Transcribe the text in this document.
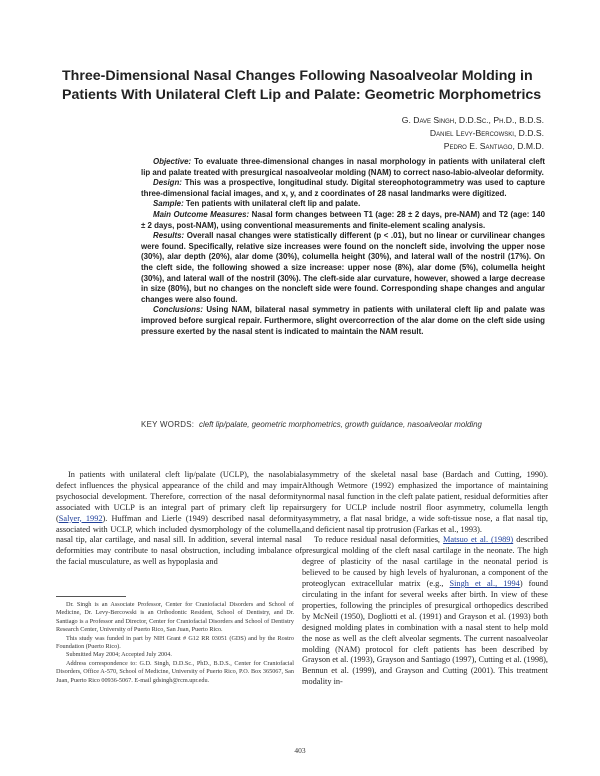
Three-Dimensional Nasal Changes Following Nasoalveolar Molding in Patients With Unilateral Cleft Lip and Palate: Geometric Morphometrics
G. Dave Singh, D.D.Sc., Ph.D., B.D.S.
Daniel Levy-Bercowski, D.D.S.
Pedro E. Santiago, D.M.D.

Objective: To evaluate three-dimensional changes in nasal morphology in patients with unilateral cleft lip and palate treated with presurgical nasoalveolar molding (NAM) to correct naso-labio-alveolar deformity.

Design: This was a prospective, longitudinal study. Digital stereophotogrammetry was used to capture three-dimensional facial images, and x, y, and z coordinates of 28 nasal landmarks were digitized.

Sample: Ten patients with unilateral cleft lip and palate.

Main Outcome Measures: Nasal form changes between T1 (age: 28 ± 2 days, pre-NAM) and T2 (age: 140 ± 2 days, post-NAM), using conventional measurements and finite-element scaling analysis.

Results: Overall nasal changes were statistically different (p < .01), but no linear or curvilinear changes were found. Specifically, relative size increases were found on the noncleft side, involving the upper nose (30%), alar depth (20%), alar dome (30%), columella height (30%), and lateral wall of the nostril (17%). On the cleft side, the following showed a size increase: upper nose (8%), alar dome (5%), columella height (30%), and lateral wall of the nostril (30%). The cleft-side alar curvature, however, showed a large decrease in size (80%), but no changes on the noncleft side were found. Corresponding shape changes and angular changes were also found.

Conclusions: Using NAM, bilateral nasal symmetry in patients with unilateral cleft lip and palate was improved before surgical repair. Furthermore, slight overcorrection of the alar dome on the cleft side using pressure exerted by the nasal stent is indicated to maintain the NAM result.

KEY WORDS: cleft lip/palate, geometric morphometrics, growth guidance, nasoalveolar molding

In patients with unilateral cleft lip/palate (UCLP), the nasolabial defect influences the physical appearance of the child and may impair psychosocial development. Therefore, correction of the nasal deformity associated with UCLP is an integral part of primary cleft lip repair (Salyer, 1992). Huffman and Lierle (1949) described nasal deformity associated with UCLP, which included dysmorphology of the columella, nasal tip, alar cartilage, and nasal sill. In addition, several internal nasal deformities may contribute to nasal obstruction, including imbalance of the facial musculature, as well as hypoplasia and

asymmetry of the skeletal nasal base (Bardach and Cutting, 1990). Although Wetmore (1992) emphasized the importance of maintaining normal nasal function in the cleft palate patient, residual deformities after surgery for UCLP include nostril floor asymmetry, columella length asymmetry, a flat nasal bridge, a wide soft-tissue nose, a flat nasal tip, and deficient nasal tip protrusion (Farkas et al., 1993).

To reduce residual nasal deformities, Matsuo et al. (1989) described presurgical molding of the cleft nasal cartilage in the neonate. The high degree of plasticity of the nasal cartilage in the neonatal period is believed to be caused by high levels of hyaluronan, a component of the proteoglycan extracellular matrix (e.g., Singh et al., 1994) found circulating in the infant for several weeks after birth. In view of these properties, following the principles of presurgical orthopedics described by McNeil (1950), Dogliotti et al. (1991) and Grayson et al. (1993) both designed molding plates in combination with a nasal stent to help mold the nose as well as the cleft alveolar segments. The current nasoalveolar molding (NAM) protocol for cleft patients has been described by Grayson et al. (1993), Grayson and Santiago (1997), Cutting et al. (1998), Bennun et al. (1999), and Grayson and Cutting (2001). This treatment modality in-

Dr. Singh is an Associate Professor, Center for Craniofacial Disorders and School of Medicine, Dr. Levy-Bercowski is an Orthodontic Resident, School of Dentistry, and Dr. Santiago is a Professor and Director, Center for Craniofacial Disorders and School of Dentistry Research Center, University of Puerto Rico, San Juan, Puerto Rico.

This study was funded in part by NIH Grant # G12 RR 03051 (GDS) and by the Rostro Foundation (Puerto Rico).

Submitted May 2004; Accepted July 2004.

Address correspondence to: G.D. Singh, D.D.Sc., PhD., B.D.S., Center for Craniofacial Disorders, Office A-570, School of Medicine, University of Puerto Rico, P.O. Box 365067, San Juan, Puerto Rico 00936-5067. E-mail gdsingh@rcm.upr.edu.

403
